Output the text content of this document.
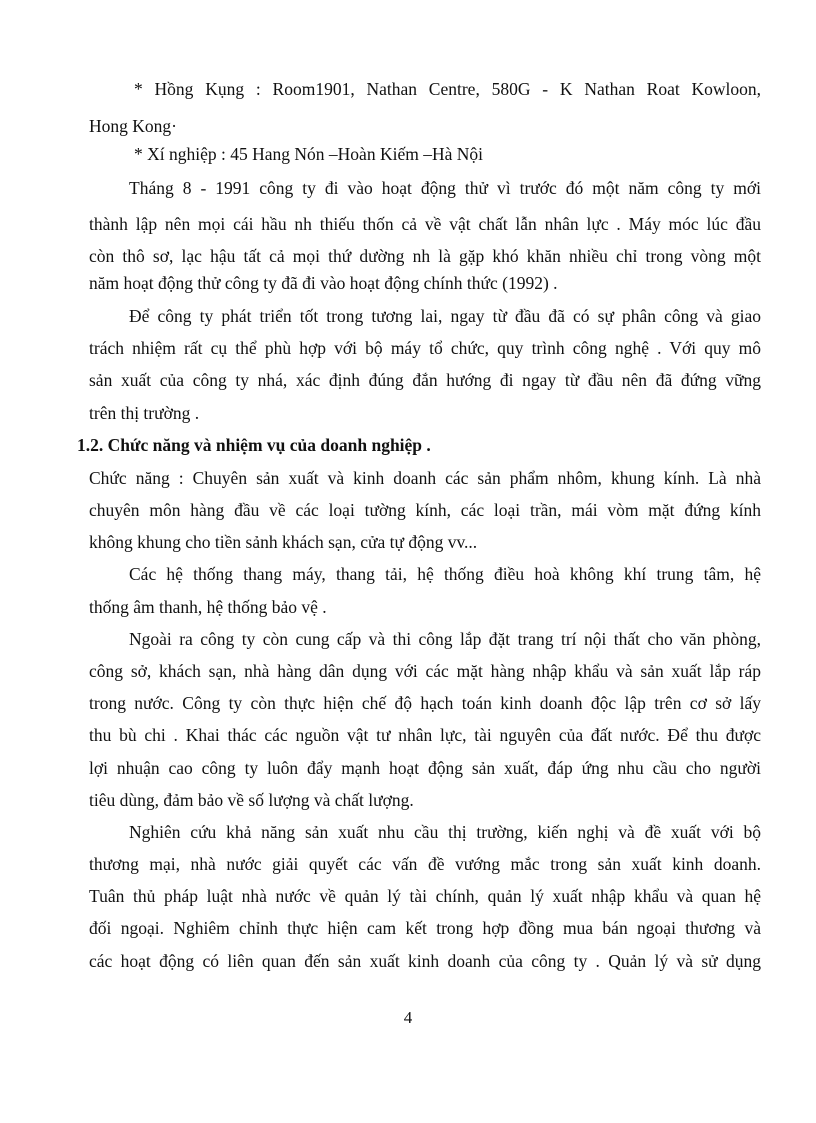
* Hồng Kụng : Room1901, Nathan Centre, 580G - K Nathan Roat Kowloon,

Hong Kong·

* Xí nghiệp : 45 Hang Nón –Hoàn Kiếm –Hà Nội

Tháng 8 - 1991 công ty đi vào hoạt động thử vì trước đó một năm công ty mới

thành lập nên mọi cái hầu nh thiếu thốn cả về vật chất lẫn nhân lực . Máy móc lúc đầu

còn thô sơ, lạc hậu tất cả mọi thứ dường nh là gặp khó khăn nhiều chỉ trong vòng một

năm hoạt động thử công ty đã đi vào hoạt động chính thức (1992) .

Để công ty phát triển tốt trong tương lai, ngay từ đầu đã có sự phân công và giao

trách nhiệm rất cụ thể phù hợp với bộ máy tổ chức, quy trình công nghệ . Với quy mô

sản xuất của công ty nhá, xác định đúng đắn hướng đi ngay từ đầu nên đã đứng vững

trên thị trường .

1.2. Chức năng và nhiệm vụ của doanh nghiệp .

Chức năng : Chuyên sản xuất và kinh doanh các sản phẩm nhôm, khung kính. Là nhà

chuyên môn hàng đầu về các loại tường kính, các loại trần, mái vòm mặt đứng kính

không khung cho tiền sảnh khách sạn, cửa tự động vv...

Các hệ thống thang máy, thang tải, hệ thống điều hoà không khí trung tâm, hệ

thống âm thanh, hệ thống bảo vệ .

Ngoài ra công ty còn cung cấp và thi công lắp đặt trang trí nội thất cho văn phòng,

công sở, khách sạn, nhà hàng dân dụng với các mặt hàng nhập khẩu và sản xuất lắp ráp

trong nước. Công ty còn thực hiện chế độ hạch toán kinh doanh độc lập trên cơ sở lấy

thu bù chi . Khai thác các nguồn vật tư nhân lực, tài nguyên của đất nước. Để thu được

lợi nhuận cao công ty luôn đẩy mạnh hoạt động sản xuất, đáp ứng nhu cầu cho người

tiêu dùng, đảm bảo về số lượng và chất lượng.

Nghiên cứu khả năng sản xuất nhu cầu thị trường, kiến nghị và đề xuất với bộ

thương mại, nhà nước giải quyết các vấn đề vướng mắc trong sản xuất kinh doanh.

Tuân thủ pháp luật nhà nước về quản lý tài chính, quản lý xuất nhập khẩu và quan hệ

đối ngoại. Nghiêm chỉnh thực hiện cam kết trong hợp đồng mua bán ngoại thương và

các hoạt động có liên quan đến sản xuất kinh doanh của công ty . Quản lý và sử dụng

4
